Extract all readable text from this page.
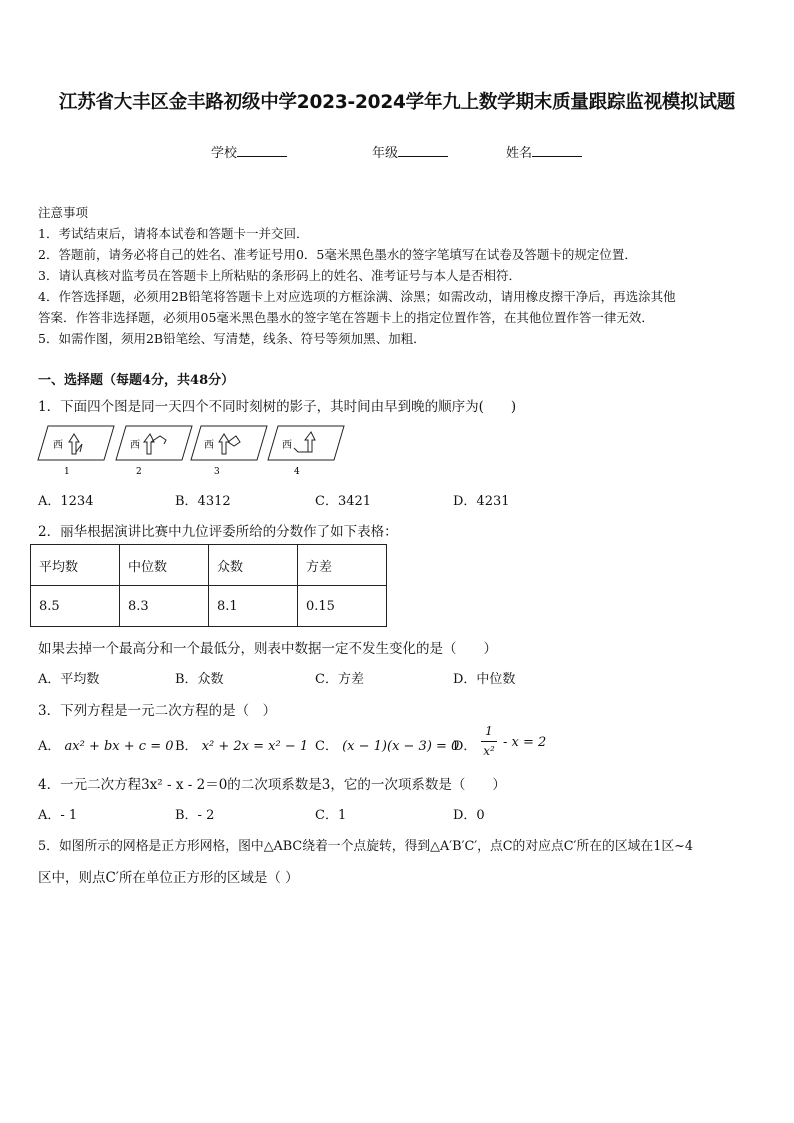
江苏省大丰区金丰路初级中学2023-2024学年九上数学期末质量跟踪监视模拟试题
学校	年级	姓名
注意事项
1．考试结束后，请将本试卷和答题卡一并交回．
2．答题前，请务必将自己的姓名、准考证号用0．5毫米黑色墨水的签字笔填写在试卷及答题卡的规定位置．
3．请认真核对监考员在答题卡上所粘贴的条形码上的姓名、准考证号与本人是否相符．
4．作答选择题，必须用2B铅笔将答题卡上对应选项的方框涂满、涂黑；如需改动，请用橡皮擦干净后，再选涂其他
答案．作答非选择题，必须用05毫米黑色墨水的签字笔在答题卡上的指定位置作答，在其他位置作答一律无效．
5．如需作图，须用2B铅笔绘、写清楚，线条、符号等须加黑、加粗．
一、选择题（每题4分，共48分）
1．下面四个图是同一天四个不同时刻树的影子，其时间由早到晚的顺序为(　　)
西
1
西
2
西
3
西
4
A．1234	B．4312	C．3421	D．4231
2．丽华根据演讲比赛中九位评委所给的分数作了如下表格：
平均数	中位数	众数	方差
8.5	8.3	8.1	0.15
如果去掉一个最高分和一个最低分，则表中数据一定不发生变化的是（　　）
A．平均数	B．众数	C．方差	D．中位数
3．下列方程是一元二次方程的是（　）
A． ax² + bx + c = 0 B． x² + 2x = x² − 1 C． (x − 1)(x − 3) = 0
D．
1
x²
- x = 2
4．一元二次方程3x² - x - 2＝0的二次项系数是3，它的一次项系数是（　　）
A．- 1	B．- 2	C．1	D．0
5．如图所示的网格是正方形网格，图中△ABC绕着一个点旋转，得到△A′B′C′，点C的对应点C′所在的区域在1区~4
区中，则点C′所在单位正方形的区域是（ ）
